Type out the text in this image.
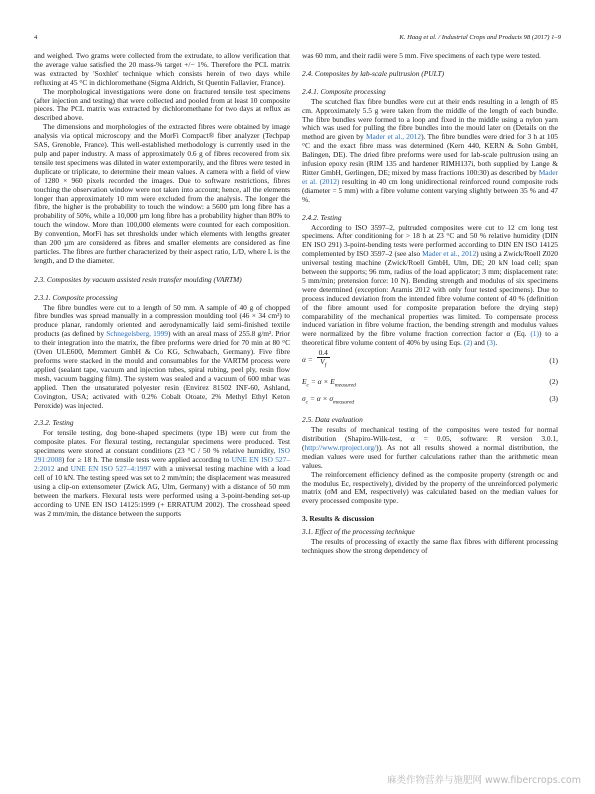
4	K. Haag et al. / Industrial Crops and Products 98 (2017) 1–9

and weighed. Two grams were collected from the extrudate, to allow verification that the average value satisfied the 20 mass-% target +/− 1%. Therefore the PCL matrix was extracted by 'Soxhlet' technique which consists herein of two days while refluxing at 45 °C in dichloromethane (Sigma Aldrich, St Quentin Fallavier, France).

The morphological investigations were done on fractured tensile test specimens (after injection and testing) that were collected and pooled from at least 10 composite pieces. The PCL matrix was extracted by dichloromethane for two days at reflux as described above.

The dimensions and morphologies of the extracted fibres were obtained by image analysis via optical microscopy and the MorFi Compact® fiber analyzer (Techpap SAS, Grenoble, France). This well-established methodology is currently used in the pulp and paper industry. A mass of approximately 0.6 g of fibres recovered from six tensile test specimens was diluted in water extemporarily, and the fibres were tested in duplicate or triplicate, to determine their mean values. A camera with a field of view of 1280 × 960 pixels recorded the images. Due to software restrictions, fibres touching the observation window were not taken into account; hence, all the elements longer than approximately 10 mm were excluded from the analysis. The longer the fibre, the higher is the probability to touch the window: a 5600 µm long fibre has a probability of 50%, while a 10,000 µm long fibre has a probability higher than 80% to touch the window. More than 100,000 elements were counted for each composition. By convention, MorFi has set thresholds under which elements with lengths greater than 200 µm are considered as fibres and smaller elements are considered as fine particles. The fibres are further characterized by their aspect ratio, L/D, where L is the length, and D the diameter.

2.3. Composites by vacuum assisted resin transfer moulding (VARTM)

2.3.1. Composite processing

The fibre bundles were cut to a length of 50 mm. A sample of 40 g of chopped fibre bundles was spread manually in a compression moulding tool (46 × 34 cm²) to produce planar, randomly oriented and aerodynamically laid semi-finished textile products (as defined by Schnegelsberg, 1999) with an areal mass of 255.8 g/m². Prior to their integration into the matrix, the fibre preforms were dried for 70 min at 80 °C (Oven ULE600, Memmert GmbH & Co KG, Schwabach, Germany). Five fibre preforms were stacked in the mould and consumables for the VARTM process were applied (sealant tape, vacuum and injection tubes, spiral rubing, peel ply, resin flow mesh, vacuum bagging film). The system was sealed and a vacuum of 600 mbar was applied. Then the unsaturated polyester resin (Envirez 81502 INF-60, Ashland, Covington, USA; activated with 0.2% Cobalt Otoate, 2% Methyl Ethyl Keton Peroxide) was injected.

2.3.2. Testing

For tensile testing, dog bone-shaped specimens (type 1B) were cut from the composite plates. For flexural testing, rectangular specimens were produced. Test specimens were stored at constant conditions (23 °C / 50 % relative humidity, ISO 291:2008) for ≥ 18 h. The tensile tests were applied according to UNE EN ISO 527–2:2012 and UNE EN ISO 527–4:1997 with a universal testing machine with a load cell of 10 kN. The testing speed was set to 2 mm/min; the displacement was measured using a clip-on extensometer (Zwick AG, Ulm, Germany) with a distance of 50 mm between the markers. Flexural tests were performed using a 3-point-bending set-up according to UNE EN ISO 14125:1999 (+ ERRATUM 2002). The crosshead speed was 2 mm/min, the distance between the supports

was 60 mm, and their radii were 5 mm. Five specimens of each type were tested.

2.4. Composites by lab-scale pultrusion (PULT)

2.4.1. Composite processing

The scutched flax fibre bundles were cut at their ends resulting in a length of 85 cm. Approximately 5.5 g were taken from the middle of the length of each bundle. The fibre bundles were formed to a loop and fixed in the middle using a nylon yarn which was used for pulling the fibre bundles into the mould later on (Details on the method are given by Mader et al., 2012). The fibre bundles were dried for 3 h at 105 °C and the exact fibre mass was determined (Kern 440, KERN & Sohn GmbH, Balingen, DE). The dried fibre preforms were used for lab-scale pultrusion using an infusion epoxy resin (RIM 135 and hardener RIMH137i, both supplied by Lange & Ritter GmbH, Gerlingen, DE; mixed by mass fractions 100:30) as described by Mader et al. (2012) resulting in 40 cm long unidirectional reinforced round composite rods (diameter = 5 mm) with a fibre volume content varying slightly between 35 % and 47 %.

2.4.2. Testing

According to ISO 3597–2, pultruded composites were cut to 12 cm long test specimens. After conditioning for > 18 h at 23 °C and 50 % relative humidity (DIN EN ISO 291) 3-point-bending tests were performed according to DIN EN ISO 14125 complemented by ISO 3597–2 (see also Mader et al., 2012) using a Zwick/Roell Z020 universal testing machine (Zwick/Roell GmbH, Ulm, DE; 20 kN load cell; span between the supports; 96 mm, radius of the load applicator; 3 mm; displacement rate: 5 mm/min; pretension force: 10 N). Bending strength and modulus of six specimens were determined (exception: Aramis 2012 with only four tested specimens). Due to process induced deviation from the intended fibre volume content of 40 % (definition of the fibre amount used for composite preparation before the drying step) comparability of the mechanical properties was limited. To compensate process induced variation in fibre volume fraction, the bending strength and modulus values were normalized by the fibre volume fraction correction factor α (Eq. (1)) to a theoretical fibre volume content of 40% by using Eqs. (2) and (3).

$\alpha = \frac{0.4}{V_f}$	(1)
$E_c = \alpha \times E_{measured}$	(2)
$\sigma_c = \alpha \times \sigma_{measured}$	(3)

2.5. Data evaluation

The results of mechanical testing of the composites were tested for normal distribution (Shapiro-Wilk-test, α = 0.05, software: R version 3.0.1, (http://www.rproject.org/)). As not all results showed a normal distribution, the median values were used for further calculations rather than the arithmetic mean values.

The reinforcement efficiency defined as the composite property (strength σc and the modulus Ec, respectively), divided by the property of the unreinforced polymeric matrix (σM and EM, respectively) was calculated based on the median values for every processed composite type.

3. Results & discussion

3.1. Effect of the processing technique

The results of processing of exactly the same flax fibres with different processing techniques show the strong dependency of

麻类作物营养与施肥网 www.fibercrops.com
